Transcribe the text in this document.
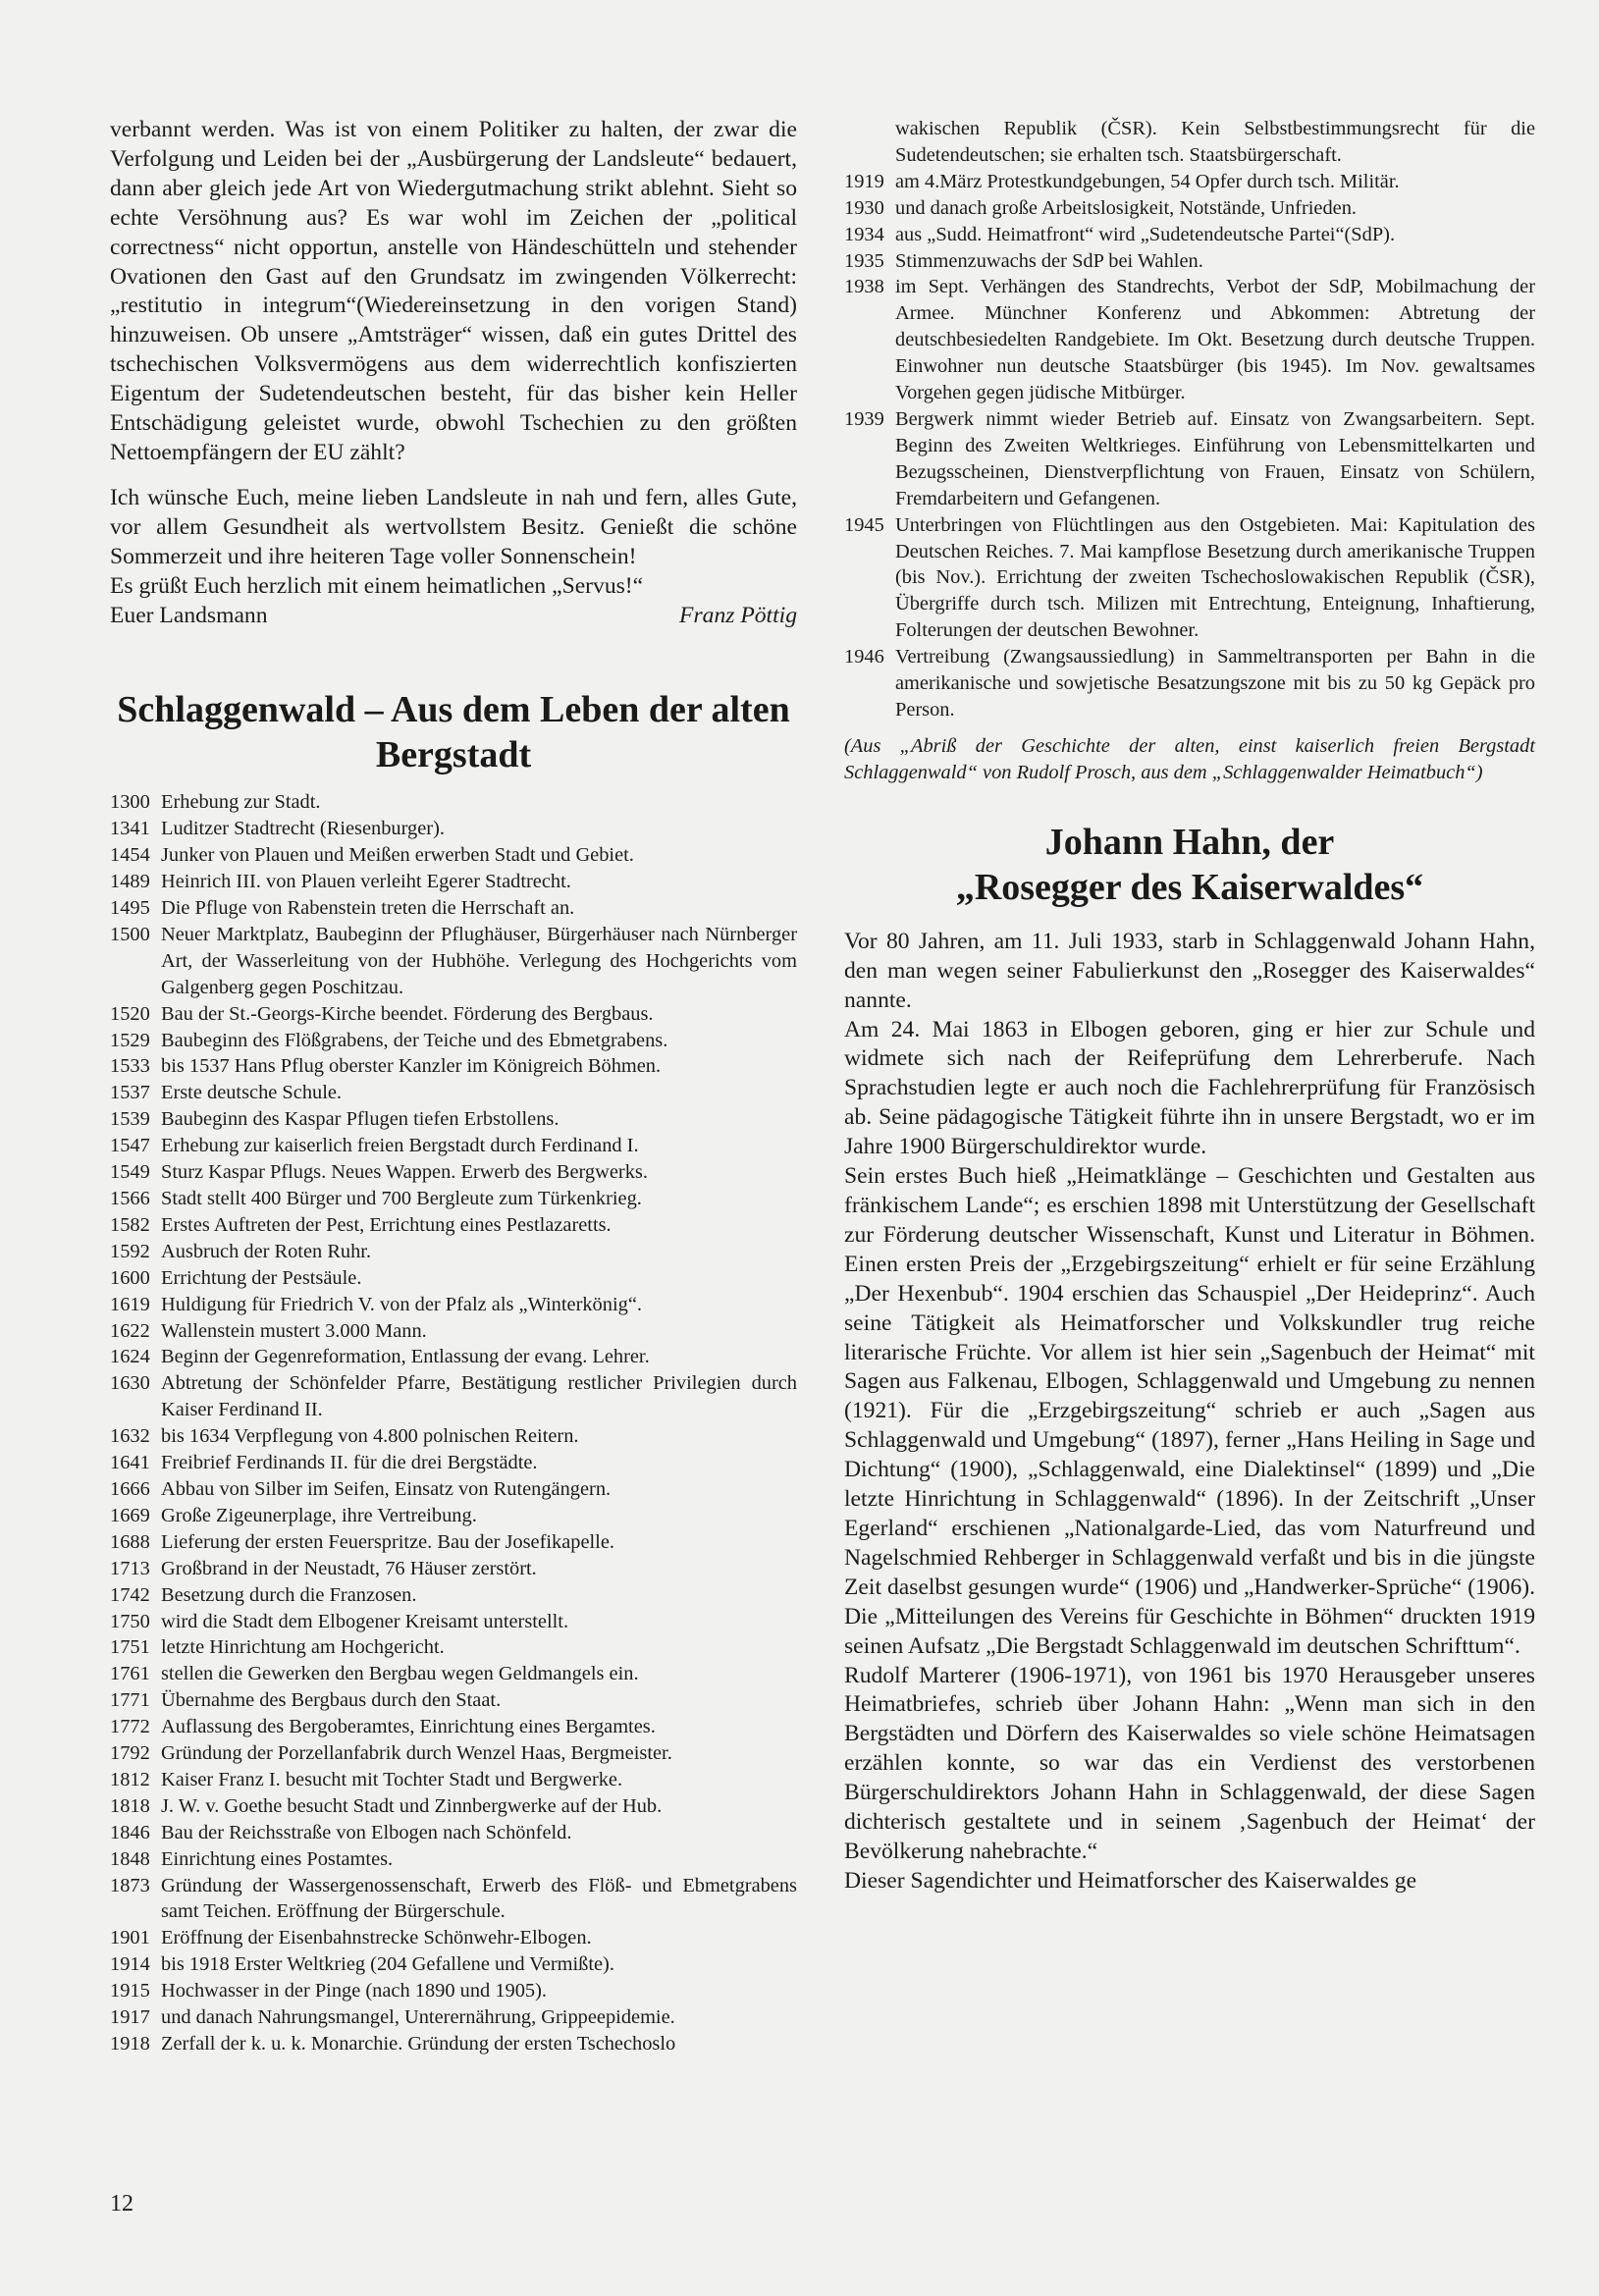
verbannt werden. Was ist von einem Politiker zu halten, der zwar die Verfolgung und Leiden bei der „Ausbürgerung der Landsleute“ bedauert, dann aber gleich jede Art von Wiedergutmachung strikt ablehnt. Sieht so echte Versöhnung aus? Es war wohl im Zeichen der „political correctness“ nicht opportun, anstelle von Händeschütteln und stehender Ovationen den Gast auf den Grundsatz im zwingenden Völkerrecht: „restitutio in integrum“(Wiedereinsetzung in den vorigen Stand) hinzuweisen. Ob unsere „Amtsträger“ wissen, daß ein gutes Drittel des tschechischen Volksvermögens aus dem widerrechtlich konfiszierten Eigentum der Sudetendeutschen besteht, für das bisher kein Heller Entschädigung geleistet wurde, obwohl Tschechien zu den größten Nettoempfängern der EU zählt?

Ich wünsche Euch, meine lieben Landsleute in nah und fern, alles Gute, vor allem Gesundheit als wertvollstem Besitz. Genießt die schöne Sommerzeit und ihre heiteren Tage voller Sonnenschein!

Es grüßt Euch herzlich mit einem heimatlichen „Servus!“

Euer Landsmann	Franz Pöttig
Schlaggenwald – Aus dem Leben der alten Bergstadt
1300 Erhebung zur Stadt.
1341 Luditzer Stadtrecht (Riesenburger).
1454 Junker von Plauen und Meißen erwerben Stadt und Gebiet.
1489 Heinrich III. von Plauen verleiht Egerer Stadtrecht.
1495 Die Pfluge von Rabenstein treten die Herrschaft an.
1500 Neuer Marktplatz, Baubeginn der Pflughäuser, Bürgerhäuser nach Nürnberger Art, der Wasserleitung von der Hubhöhe. Verlegung des Hochgerichts vom Galgenberg gegen Poschitzau.
1520 Bau der St.-Georgs-Kirche beendet. Förderung des Bergbaus.
1529 Baubeginn des Flößgrabens, der Teiche und des Ebmetgrabens.
1533 bis 1537 Hans Pflug oberster Kanzler im Königreich Böhmen.
1537 Erste deutsche Schule.
1539 Baubeginn des Kaspar Pflugen tiefen Erbstollens.
1547 Erhebung zur kaiserlich freien Bergstadt durch Ferdinand I.
1549 Sturz Kaspar Pflugs. Neues Wappen. Erwerb des Bergwerks.
1566 Stadt stellt 400 Bürger und 700 Bergleute zum Türkenkrieg.
1582 Erstes Auftreten der Pest, Errichtung eines Pestlazaretts.
1592 Ausbruch der Roten Ruhr.
1600 Errichtung der Pestsäule.
1619 Huldigung für Friedrich V. von der Pfalz als „Winterkönig“.
1622 Wallenstein mustert 3.000 Mann.
1624 Beginn der Gegenreformation, Entlassung der evang. Lehrer.
1630 Abtretung der Schönfelder Pfarre, Bestätigung restlicher Privilegien durch Kaiser Ferdinand II.
1632 bis 1634 Verpflegung von 4.800 polnischen Reitern.
1641 Freibrief Ferdinands II. für die drei Bergstädte.
1666 Abbau von Silber im Seifen, Einsatz von Rutengängern.
1669 Große Zigeunerplage, ihre Vertreibung.
1688 Lieferung der ersten Feuerspritze. Bau der Josefikapelle.
1713 Großbrand in der Neustadt, 76 Häuser zerstört.
1742 Besetzung durch die Franzosen.
1750 wird die Stadt dem Elbogener Kreisamt unterstellt.
1751 letzte Hinrichtung am Hochgericht.
1761 stellen die Gewerken den Bergbau wegen Geldmangels ein.
1771 Übernahme des Bergbaus durch den Staat.
1772 Auflassung des Bergoberamtes, Einrichtung eines Bergamtes.
1792 Gründung der Porzellanfabrik durch Wenzel Haas, Bergmeister.
1812 Kaiser Franz I. besucht mit Tochter Stadt und Bergwerke.
1818 J. W. v. Goethe besucht Stadt und Zinnbergwerke auf der Hub.
1846 Bau der Reichsstraße von Elbogen nach Schönfeld.
1848 Einrichtung eines Postamtes.
1873 Gründung der Wassergenossenschaft, Erwerb des Flöß- und Ebmetgrabens samt Teichen. Eröffnung der Bürgerschule.
1901 Eröffnung der Eisenbahnstrecke Schönwehr-Elbogen.
1914 bis 1918 Erster Weltkrieg (204 Gefallene und Vermißte).
1915 Hochwasser in der Pinge (nach 1890 und 1905).
1917 und danach Nahrungsmangel, Unterernährung, Grippeepidemie.
1918 Zerfall der k. u. k. Monarchie. Gründung der ersten Tschechoslo
wakischen Republik (ČSR). Kein Selbstbestimmungsrecht für die Sudetendeutschen; sie erhalten tsch. Staatsbürgerschaft.
1919 am 4.März Protestkundgebungen, 54 Opfer durch tsch. Militär.
1930 und danach große Arbeitslosigkeit, Notstände, Unfrieden.
1934 aus „Sudd. Heimatfront“ wird „Sudetendeutsche Partei“(SdP).
1935 Stimmenzuwachs der SdP bei Wahlen.
1938 im Sept. Verhängen des Standrechts, Verbot der SdP, Mobilmachung der Armee. Münchner Konferenz und Abkommen: Abtretung der deutschbesiedelten Randgebiete. Im Okt. Besetzung durch deutsche Truppen. Einwohner nun deutsche Staatsbürger (bis 1945). Im Nov. gewaltsames Vorgehen gegen jüdische Mitbürger.
1939 Bergwerk nimmt wieder Betrieb auf. Einsatz von Zwangsarbeitern. Sept. Beginn des Zweiten Weltkrieges. Einführung von Lebensmittelkarten und Bezugsscheinen, Dienstverpflichtung von Frauen, Einsatz von Schülern, Fremdarbeitern und Gefangenen.
1945 Unterbringen von Flüchtlingen aus den Ostgebieten. Mai: Kapitulation des Deutschen Reiches. 7. Mai kampflose Besetzung durch amerikanische Truppen (bis Nov.). Errichtung der zweiten Tschechoslowakischen Republik (ČSR), Übergriffe durch tsch. Milizen mit Entrechtung, Enteignung, Inhaftierung, Folterungen der deutschen Bewohner.
1946 Vertreibung (Zwangsaussiedlung) in Sammeltransporten per Bahn in die amerikanische und sowjetische Besatzungszone mit bis zu 50 kg Gepäck pro Person.

(Aus „Abriß der Geschichte der alten, einst kaiserlich freien Bergstadt Schlaggenwald“ von Rudolf Prosch, aus dem „Schlaggenwalder Heimatbuch“)

Johann Hahn, der
„Rosegger des Kaiserwaldes“

Vor 80 Jahren, am 11. Juli 1933, starb in Schlaggenwald Johann Hahn, den man wegen seiner Fabulierkunst den „Rosegger des Kaiserwaldes“ nannte.

Am 24. Mai 1863 in Elbogen geboren, ging er hier zur Schule und widmete sich nach der Reifeprüfung dem Lehrerberufe. Nach Sprachstudien legte er auch noch die Fachlehrerprüfung für Französisch ab. Seine pädagogische Tätigkeit führte ihn in unsere Bergstadt, wo er im Jahre 1900 Bürgerschuldirektor wurde.

Sein erstes Buch hieß „Heimatklänge – Geschichten und Gestalten aus fränkischem Lande“; es erschien 1898 mit Unterstützung der Gesellschaft zur Förderung deutscher Wissenschaft, Kunst und Literatur in Böhmen. Einen ersten Preis der „Erzgebirgszeitung“ erhielt er für seine Erzählung „Der Hexenbub“. 1904 erschien das Schauspiel „Der Heideprinz“. Auch seine Tätigkeit als Heimatforscher und Volkskundler trug reiche literarische Früchte. Vor allem ist hier sein „Sagenbuch der Heimat“ mit Sagen aus Falkenau, Elbogen, Schlaggenwald und Umgebung zu nennen (1921). Für die „Erzgebirgszeitung“ schrieb er auch „Sagen aus Schlaggenwald und Umgebung“ (1897), ferner „Hans Heiling in Sage und Dichtung“ (1900), „Schlaggenwald, eine Dialektinsel“ (1899) und „Die letzte Hinrichtung in Schlaggenwald“ (1896). In der Zeitschrift „Unser Egerland“ erschienen „Nationalgarde-Lied, das vom Naturfreund und Nagelschmied Rehberger in Schlaggenwald verfaßt und bis in die jüngste Zeit daselbst gesungen wurde“ (1906) und „Handwerker-Sprüche“ (1906). Die „Mitteilungen des Vereins für Geschichte in Böhmen“ druckten 1919 seinen Aufsatz „Die Bergstadt Schlaggenwald im deutschen Schrifttum“.

Rudolf Marterer (1906-1971), von 1961 bis 1970 Herausgeber unseres Heimatbriefes, schrieb über Johann Hahn: „Wenn man sich in den Bergstädten und Dörfern des Kaiserwaldes so viele schöne Heimatsagen erzählen konnte, so war das ein Verdienst des verstorbenen Bürgerschuldirektors Johann Hahn in Schlaggenwald, der diese Sagen dichterisch gestaltete und in seinem ‚Sagenbuch der Heimat‘ der Bevölkerung nahebrachte.“

Dieser Sagendichter und Heimatforscher des Kaiserwaldes ge

12
